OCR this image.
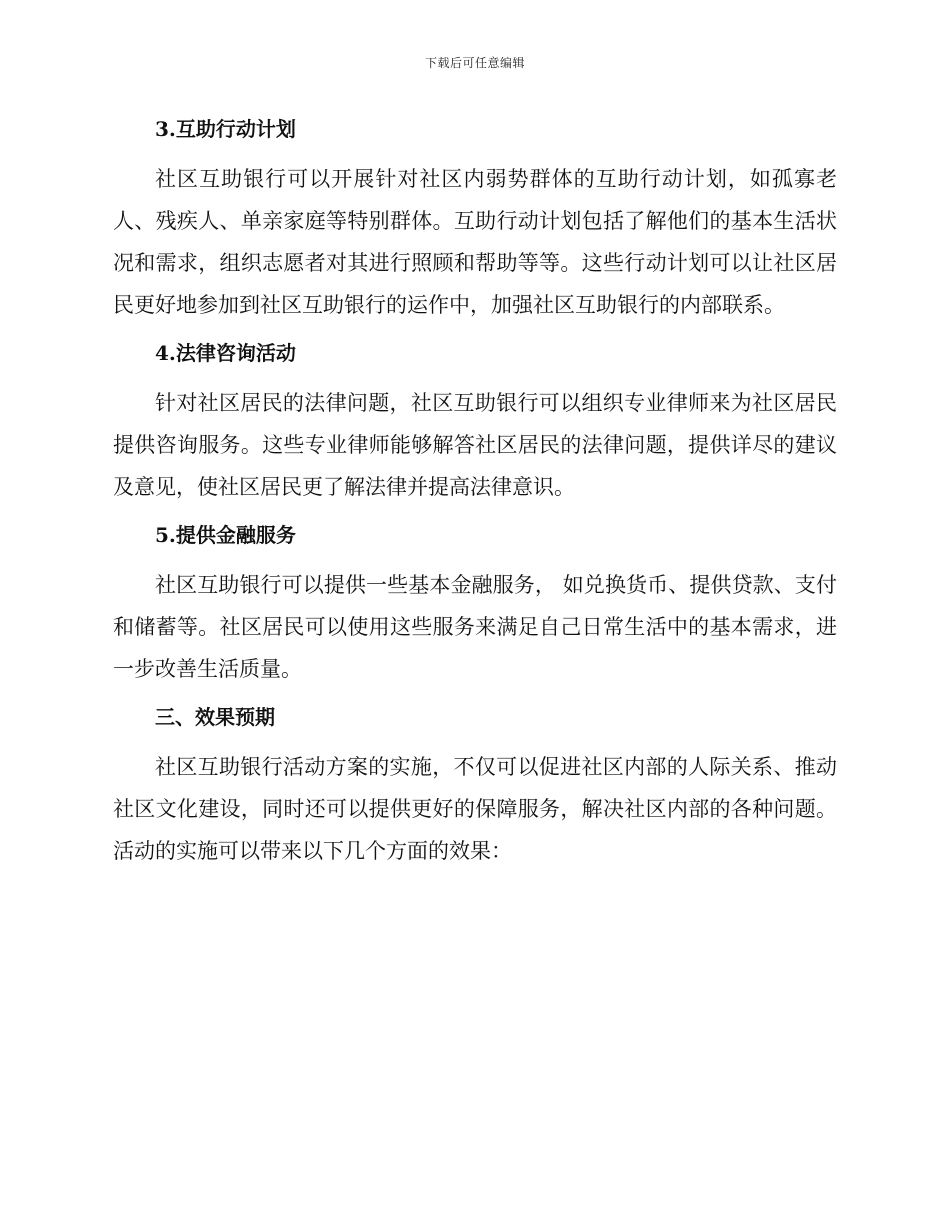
下载后可任意编辑
3.互助行动计划
社区互助银行可以开展针对社区内弱势群体的互助行动计划，如孤寡老人、残疾人、单亲家庭等特别群体。互助行动计划包括了解他们的基本生活状况和需求，组织志愿者对其进行照顾和帮助等等。这些行动计划可以让社区居民更好地参加到社区互助银行的运作中，加强社区互助银行的内部联系。
4.法律咨询活动
针对社区居民的法律问题，社区互助银行可以组织专业律师来为社区居民提供咨询服务。这些专业律师能够解答社区居民的法律问题，提供详尽的建议及意见，使社区居民更了解法律并提高法律意识。
5.提供金融服务
社区互助银行可以提供一些基本金融服务， 如兑换货币、提供贷款、支付和储蓄等。社区居民可以使用这些服务来满足自己日常生活中的基本需求，进一步改善生活质量。
三、效果预期
社区互助银行活动方案的实施，不仅可以促进社区内部的人际关系、推动社区文化建设，同时还可以提供更好的保障服务，解决社区内部的各种问题。活动的实施可以带来以下几个方面的效果：
